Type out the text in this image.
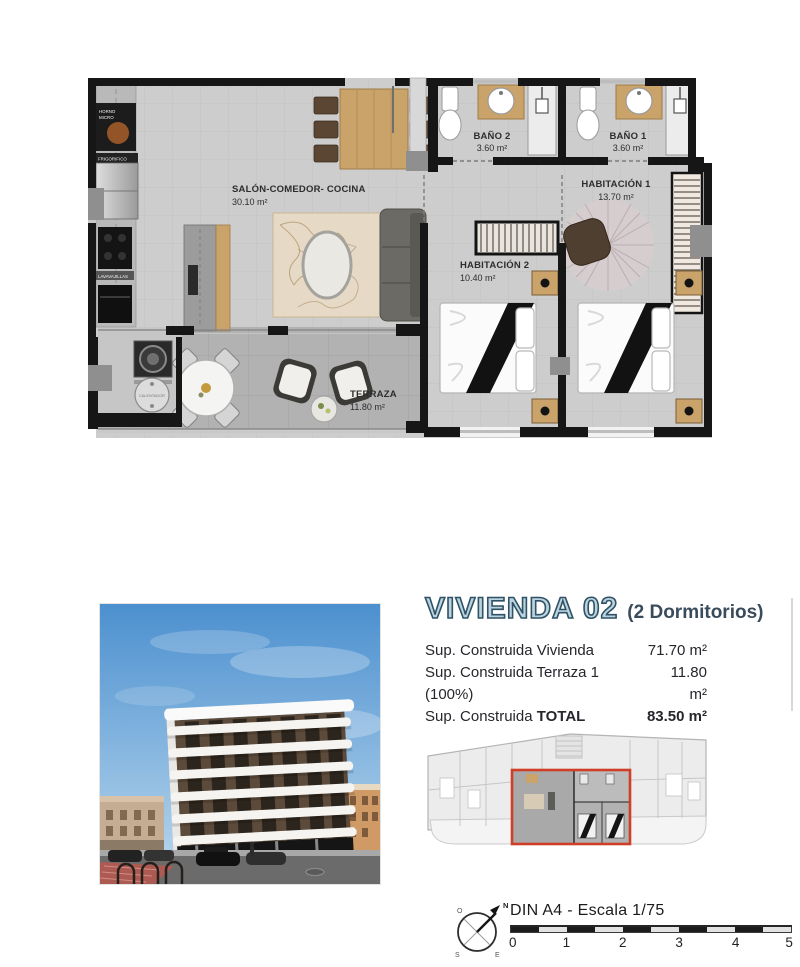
HORNO
MICRO
FRIGORIFICO
LAVAVAJILLAS
CALENTADOR
SALÓN-COMEDOR- COCINA
30.10 m²
BAÑO 2
3.60 m²
BAÑO 1
3.60 m²
HABITACIÓN 1
13.70 m²
HABITACIÓN 2
10.40 m²
TERRAZA
11.80 m²
VIVIENDA 02 (2 Dormitorios)
Sup. Construida Vivienda	71.70 m²
Sup. Construida Terraza 1 (100%)
11.80 m²
Sup. Construida TOTAL	83.50 m²
O
N
S	E
DIN A4 - Escala 1/75
0	1	2	3	4	5
